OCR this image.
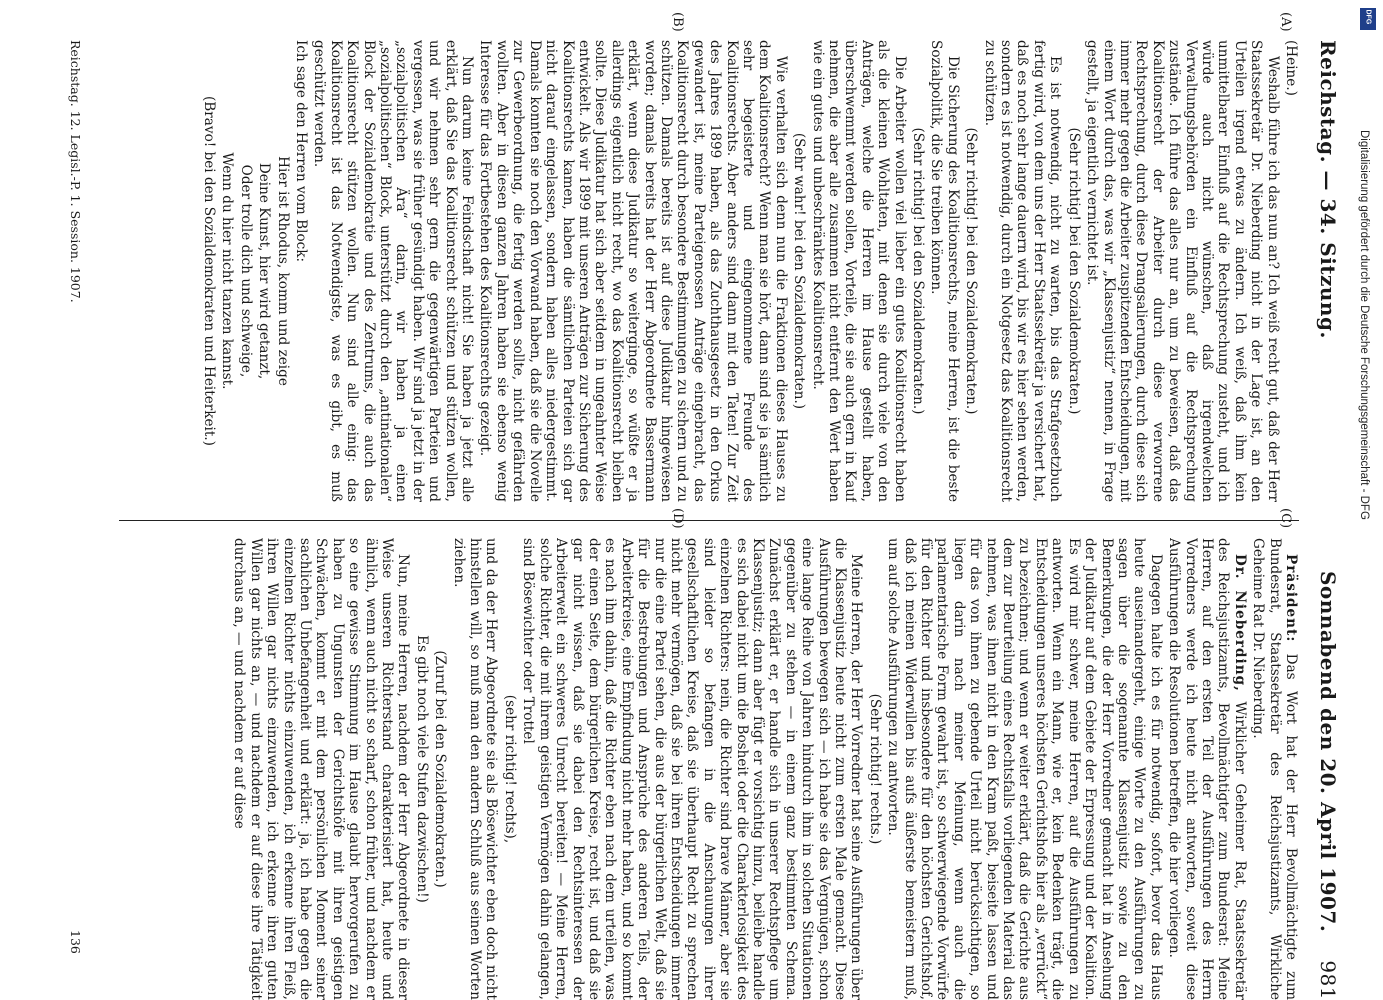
Reichstag. — 34. Sitzung.
Sonnabend den 20. April 1907.
981

(Heine.)

Weshalb führe ich das nun an? Ich weiß recht gut, daß der Herr Staatssekretär Dr. Nieberding nicht in der Lage ist, an den Urteilen irgend etwas zu ändern. Ich weiß, daß ihm kein unmittelbarer Einfluß auf die Rechtsprechung zusteht, und ich würde auch nicht wünschen, daß irgendwelchen Verwaltungsbehörden ein Einfluß auf die Rechtsprechung zustände. Ich führe das alles nur an, um zu beweisen, daß das Koalitionsrecht der Arbeiter durch diese verworrene Rechtsprechung, durch diese Drangsalierungen, durch diese sich immer mehr gegen die Arbeiter zuspitzenden Entscheidungen, mit einem Wort durch das, was wir „Klassenjustiz“ nennen, in Frage gestellt, ja eigentlich vernichtet ist.

(Sehr richtig! bei den Sozialdemokraten.)

Es ist notwendig, nicht zu warten, bis das Strafgesetzbuch fertig wird, von dem uns der Herr Staatssekretär ja versichert hat, daß es noch sehr lange dauern wird, bis wir es hier sehen werden, sondern es ist notwendig, durch ein Notgesetz das Koalitionsrecht zu schützen.

(Sehr richtig! bei den Sozialdemokraten.)

Die Sicherung des Koalitionsrechts, meine Herren, ist die beste Sozialpolitik, die Sie treiben können.

(Sehr richtig! bei den Sozialdemokraten.)

Die Arbeiter wollen viel lieber ein gutes Koalitionsrecht haben als die kleinen Wohltaten, mit denen sie durch viele von den Anträgen, welche die Herren im Hause gestellt haben, überschwemmt werden sollen, Vorteile, die sie auch gern in Kauf nehmen, die aber alle zusammen nicht entfernt den Wert haben wie ein gutes und unbeschränktes Koalitionsrecht.

(Sehr wahr! bei den Sozialdemokraten.)

Wie verhalten sich denn nun die Fraktionen dieses Hauses zu dem Koalitionsrecht? Wenn man sie hört, dann sind sie ja sämtlich sehr begeisterte und eingenommene Freunde des Koalitionsrechts. Aber anders sind dann mit den Taten! Zur Zeit des Jahres 1899 haben, als das Zuchthausgesetz in den Orkus gewandert ist, meine Parteigenossen Anträge eingebracht, das Koalitionsrecht durch besondere Bestimmungen zu sichern und zu schützen. Damals bereits ist auf diese Judikatur hingewiesen worden; damals bereits hat der Herr Abgeordnete Bassermann erklärt, wenn diese Judikatur so weiterginge, so wüßte er ja allerdings eigentlich nicht recht, wo das Koalitionsrecht bleiben sollte. Diese Judikatur hat sich aber seitdem in ungeahnter Weise entwickelt. Als wir 1899 mit unseren Anträgen zur Sicherung des Koalitionsrechts kamen, haben die sämtlichen Parteien sich gar nicht darauf eingelassen, sondern haben alles niedergestimmt. Damals konnten sie noch den Vorwand haben, daß sie die Novelle zur Gewerbeordnung, die fertig werden sollte, nicht gefährden wollten. Aber in diesen ganzen Jahren haben sie ebenso wenig Interesse für das Fortbestehen des Koalitionsrechts gezeigt.

Nun darum keine Feindschaft nicht! Sie haben ja jetzt alle erklärt, daß Sie das Koalitionsrecht schützen und stützen wollen, und wir nehmen sehr gern die gegenwärtigen Parteien und vergessen, was sie früher gesündigt haben. Wir sind ja jetzt in der „sozialpolitischen Ära“ darin, wir haben ja einen „sozialpolitischen“ Block, unterstützt durch den „antinationalen“ Block der Sozialdemokratie und des Zentrums, die auch das Koalitionsrecht stützen wollen. Nun sind alle einig: das Koalitionsrecht ist das Notwendigste, was es gibt, es muß geschützt werden.

Ich sage den Herren vom Block:

Hier ist Rhodus, komm und zeige

Deine Kunst, hier wird getanzt,

Oder trolle dich und schweige,

Wenn du hier nicht tanzen kannst.

(Bravo! bei den Sozialdemokraten und Heiterkeit.)

Präsident: Das Wort hat der Herr Bevollmächtigte zum Bundesrat, Staatssekretär des Reichsjustizamts, Wirkliche Geheime Rat Dr. Nieberding.

Dr. Nieberding, Wirklicher Geheimer Rat, Staatssekretär des Reichsjustizamts, Bevollmächtigter zum Bundesrat: Meine Herren, auf den ersten Teil der Ausführungen des Herrn Vorredners werde ich heute nicht antworten, soweit diese Ausführungen die Resolutionen betreffen, die hier vorliegen.

Dagegen halte ich es für notwendig, sofort, bevor das Haus heute auseinandergeht, einige Worte zu den Ausführungen zu sagen über die sogenannte Klassenjustiz sowie zu den Bemerkungen, die der Herr Vorredner gemacht hat in Ansehung der Judikatur auf dem Gebiete der Erpressung und der Koalition. Es wird mir schwer, meine Herren, auf die Ausführungen zu antworten. Wenn ein Mann, wie er, kein Bedenken trägt, die Entscheidungen unseres höchsten Gerichtshofs hier als „verrückt“ zu bezeichnen; und wenn er weiter erklärt, daß die Gerichte aus dem zur Beurteilung eines Rechtsfalls vorliegenden Material das nehmen, was ihnen nicht in den Kram paßt, beiseite lassen und für das von ihnen zu gebende Urteil nicht berücksichtigen, so liegen darin nach meiner Meinung, wenn auch die parlamentarische Form gewahrt ist, so schwerwiegende Vorwürfe für den Richter und insbesondere für den höchsten Gerichtshof, daß ich meinen Widerwillen bis aufs äußerste bemeistern muß, um auf solche Ausführungen zu antworten.

(Sehr richtig! rechts.)

Meine Herren, der Herr Vorredner hat seine Ausführungen über die Klassenjustiz heute nicht zum ersten Male gemacht. Diese Ausführungen bewegen sich — ich habe sie das Vergnügen, schon eine lange Reihe von Jahren hindurch ihm in solchen Situationen gegenüber zu stehen — in einem ganz bestimmten Schema. Zunächst erklärt er, er handle sich in unserer Rechtspflege um Klassenjustiz; dann aber fügt er vorsichtig hinzu, beileibe handle es sich dabei nicht um die Bosheit oder die Charakterlosigkeit des einzelnen Richters: nein, die Richter sind brave Männer, aber sie sind leider so befangen in die Anschauungen ihrer gesellschaftlichen Kreise, daß sie überhaupt Recht zu sprechen nicht mehr vermögen, daß sie bei ihren Entscheidungen immer nur die eine Partei sehen, die aus der bürgerlichen Welt, daß sie für die Bestrebungen und Ansprüche des anderen Teils, der Arbeiterkreise, eine Empfindung nicht mehr haben, und so kommt es nach ihm dahin, daß die Richter eben nach dem urteilen, was der einen Seite, dem bürgerlichen Kreise, recht ist, und daß sie gar nicht wissen, daß sie dabei den Rechtsinteressen der Arbeiterwelt ein schweres Unrecht bereiten! — Meine Herren, solche Richter, die mit ihrem geistigen Vermögen dahin gelangen, sind Bösewichter oder Trottel

(sehr richtig! rechts),

und da der Herr Abgeordnete sie als Bösewichter eben doch nicht hinstellen will, so muß man den andern Schluß aus seinen Worten ziehen.

(Zuruf bei den Sozialdemokraten.)

Es gibt noch viele Stufen dazwischen!)

Nun, meine Herren, nachdem der Herr Abgeordnete in dieser Weise unseren Richterstand charakterisiert hat, heute und ähnlich, wenn auch nicht so scharf, schon früher, und nachdem er so eine gewisse Stimmung im Hause glaubt hervorgerufen zu haben zu Ungunsten der Gerichtshöfe mit ihren geistigen Schwächen, kommt er mit dem persönlichen Moment seiner sachlichen Unbefangenheit und erklärt: ja, ich habe gegen die einzelnen Richter nichts einzuwenden, ich erkenne ihren Fleiß, ihren Willen gar nichts einzuwenden, ich erkenne ihren guten Willen gar nichts an, — und nachdem er auf diese ihre Tätigkeit durchaus an, — und nachdem er auf diese

(A)
(B)
(C)
(D)
Reichstag. 12. Legisl.-P. 1. Session. 1907.
136
Digitalisierung gefördert durch die Deutsche Forschungsgemeinschaft - DFG
DFG
